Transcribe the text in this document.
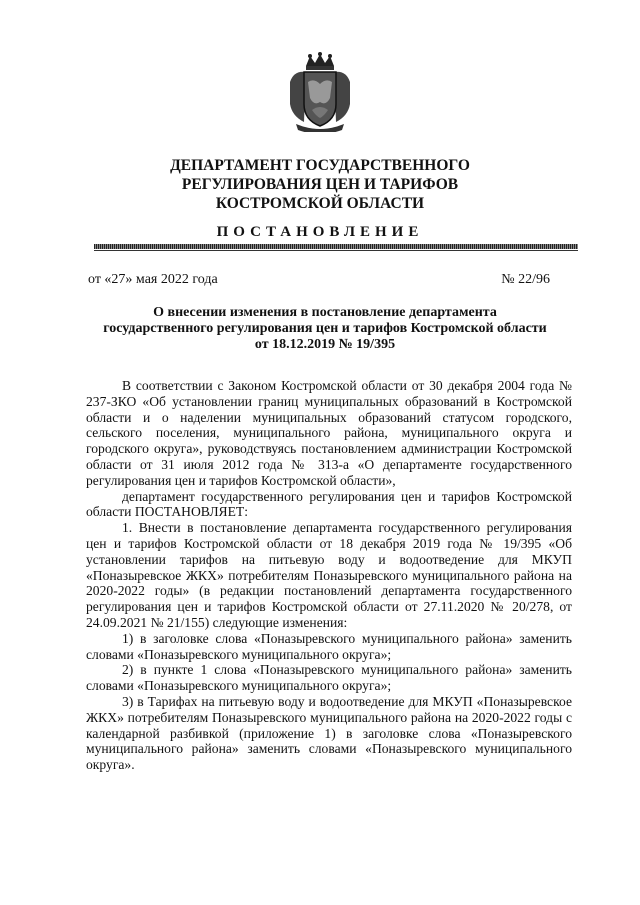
ДЕПАРТАМЕНТ ГОСУДАРСТВЕННОГО
РЕГУЛИРОВАНИЯ ЦЕН И ТАРИФОВ
КОСТРОМСКОЙ ОБЛАСТИ
ПОСТАНОВЛЕНИЕ
от «27» мая 2022 года	№ 22/96
О внесении изменения в постановление департамента
государственного регулирования цен и тарифов Костромской области
от 18.12.2019 № 19/395

В соответствии с Законом Костромской области от 30 декабря 2004 года № 237-ЗКО «Об установлении границ муниципальных образований в Костромской области и о наделении муниципальных образований статусом городского, сельского поселения, муниципального района, муниципального округа и городского округа», руководствуясь постановлением администрации Костромской области от 31 июля 2012 года № 313-а «О департаменте государственного регулирования цен и тарифов Костромской области»,

департамент государственного регулирования цен и тарифов Костромской области ПОСТАНОВЛЯЕТ:

1. Внести в постановление департамента государственного регулирования цен и тарифов Костромской области от 18 декабря 2019 года № 19/395 «Об установлении тарифов на питьевую воду и водоотведение для МКУП «Поназыревское ЖКХ» потребителям Поназыревского муниципального района на 2020-2022 годы» (в редакции постановлений департамента государственного регулирования цен и тарифов Костромской области от 27.11.2020 № 20/278, от 24.09.2021 № 21/155) следующие изменения:

1) в заголовке слова «Поназыревского муниципального района» заменить словами «Поназыревского муниципального округа»;

2) в пункте 1 слова «Поназыревского муниципального района» заменить словами «Поназыревского муниципального округа»;

3) в Тарифах на питьевую воду и водоотведение для МКУП «Поназыревское ЖКХ» потребителям Поназыревского муниципального района на 2020-2022 годы с календарной разбивкой (приложение 1) в заголовке слова «Поназыревского муниципального района» заменить словами «Поназыревского муниципального округа».
